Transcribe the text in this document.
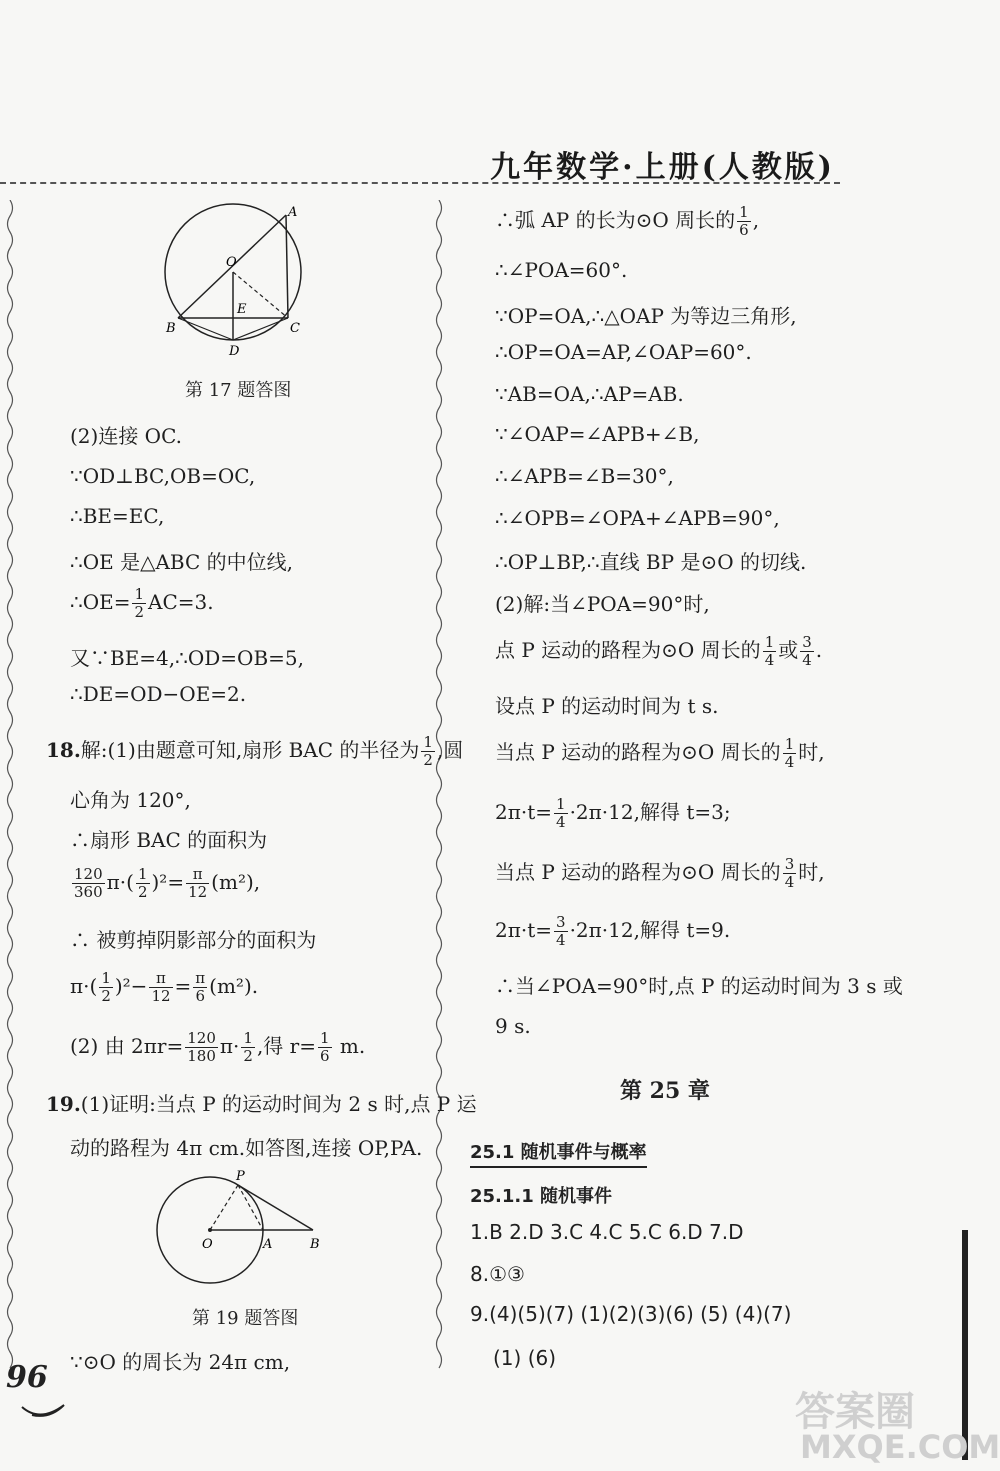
九年数学·上册(人教版)
A
O
E
B	C
D
第 17 题答图
(2)连接 OC.
∵OD⊥BC,OB=OC,
∴BE=EC,
∴OE 是△ABC 的中位线,
∴OE= $\frac{1}{2} AC=3$.
又∵BE=4,∴OD=OB=5,
∴DE=OD−OE=2.
18.解:(1)由题意可知,扇形 BAC 的半径为 $\frac{1}{2}$ ,圆
心角为 120°,
∴扇形 BAC 的面积为
$\frac{120}{360} \pi\cdot( \frac{1}{2} )^2= \frac{\pi}{12} (m^2)$,
∴ 被剪掉阴影部分的面积为
$\pi\cdot( \frac{1}{2} )^2- \frac{\pi}{12} = \frac{\pi}{6} (m^2)$.
(2) 由 $2\pi r= \frac{120}{180} \pi\cdot \frac{1}{2}$ ,得 $r= \frac{1}{6} m$.
19.(1)证明:当点 P 的运动时间为 2 s 时,点 P 运
动的路程为 4π cm.如答图,连接 OP,PA.
P
O	A	B
第 19 题答图
∵⊙O 的周长为 24π cm,
∴弧 AP 的长为⊙O 周长的 $\frac{1}{6}$ ,
∴∠POA=60°.
∵OP=OA,∴△OAP 为等边三角形,
∴OP=OA=AP,∠OAP=60°.
∵AB=OA,∴AP=AB.
∵∠OAP=∠APB+∠B,
∴∠APB=∠B=30°,
∴∠OPB=∠OPA+∠APB=90°,
∴OP⊥BP,∴直线 BP 是⊙O 的切线.
(2)解:当∠POA=90°时,
点 P 运动的路程为⊙O 周长的 $\frac{1}{4}$ 或 $\frac{3}{4}$ .
设点 P 的运动时间为 t s.
当点 P 运动的路程为⊙O 周长的 $\frac{1}{4}$ 时,
$2\pi\cdot t= \frac{1}{4} \cdot 2\pi\cdot 12$,解得 t=3;
当点 P 运动的路程为⊙O 周长的 $\frac{3}{4}$ 时,
$2\pi\cdot t= \frac{3}{4} \cdot 2\pi\cdot 12$,解得 t=9.
∴当∠POA=90°时,点 P 的运动时间为 3 s 或
9 s.
第 25 章
25.1 随机事件与概率
25.1.1 随机事件
1.B 2.D 3.C 4.C 5.C 6.D 7.D
8.①③
9.(4)(5)(7) (1)(2)(3)(6) (5) (4)(7)
(1) (6)
96
答案圈
MXQE.COM
